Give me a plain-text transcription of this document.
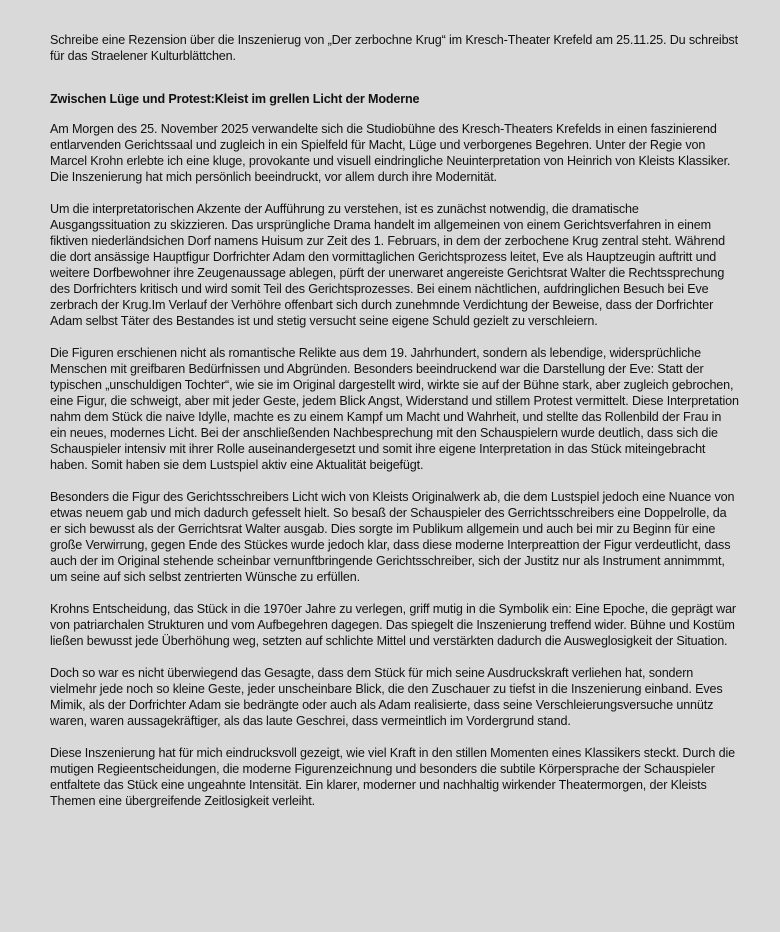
Schreibe eine Rezension über die Inszenierug von „Der zerbochne Krug“ im Kresch-Theater Krefeld am 25.11.25. Du schreibst für das Straelener Kulturblättchen.

Zwischen Lüge und Protest:Kleist im grellen Licht der Moderne

Am Morgen des 25. November 2025 verwandelte sich die Studiobühne des Kresch-Theaters Krefelds in einen faszinierend entlarvenden Gerichtssaal und zugleich in ein Spielfeld für Macht, Lüge und verborgenes Begehren. Unter der Regie von Marcel Krohn erlebte ich eine kluge, provokante und visuell eindringliche Neuinterpretation von Heinrich von Kleists Klassiker. Die Inszenierung hat mich persönlich beeindruckt, vor allem durch ihre Modernität.

Um die interpretatorischen Akzente der Aufführung zu verstehen, ist es zunächst notwendig, die dramatische Ausgangssituation zu skizzieren. Das ursprüngliche Drama handelt im allgemeinen von einem Gerichtsverfahren in einem fiktiven niederländsichen Dorf namens Huisum zur Zeit des 1. Februars, in dem der zerbochene Krug zentral steht. Während die dort ansässige Hauptfigur Dorfrichter Adam den vormittaglichen Gerichtsprozess leitet, Eve als Hauptzeugin auftritt und weitere Dorfbewohner ihre Zeugenaussage ablegen, pürft der unerwaret angereiste Gerichtsrat Walter die Rechtssprechung des Dorfrichters kritisch und wird somit Teil des Gerichtsprozesses. Bei einem nächtlichen, aufdringlichen Besuch bei Eve zerbrach der Krug.Im Verlauf der Verhöhre offenbart sich durch zunehmnde Verdichtung der Beweise, dass der Dorfrichter Adam selbst Täter des Bestandes ist und stetig versucht seine eigene Schuld gezielt zu verschleiern.

Die Figuren erschienen nicht als romantische Relikte aus dem 19. Jahrhundert, sondern als lebendige, widersprüchliche Menschen mit greifbaren Bedürfnissen und Abgründen. Besonders beeindruckend war die Darstellung der Eve: Statt der typischen „unschuldigen Tochter“, wie sie im Original dargestellt wird, wirkte sie auf der Bühne stark, aber zugleich gebrochen, eine Figur, die schweigt, aber mit jeder Geste, jedem Blick Angst, Widerstand und stillem Protest vermittelt. Diese Interpretation nahm dem Stück die naive Idylle, machte es zu einem Kampf um Macht und Wahrheit, und stellte das Rollenbild der Frau in ein neues, modernes Licht. Bei der anschließenden Nachbesprechung mit den Schauspielern wurde deutlich, dass sich die Schauspieler intensiv mit ihrer Rolle auseinandergesetzt und somit ihre eigene Interpretation in das Stück miteingebracht haben. Somit haben sie dem Lustspiel aktiv eine Aktualität beigefügt.

Besonders die Figur des Gerichtsschreibers Licht wich von Kleists Originalwerk ab, die dem Lustspiel jedoch eine Nuance von etwas neuem gab und mich dadurch gefesselt hielt. So besaß der Schauspieler des Gerrichtsschreibers eine Doppelrolle, da er sich bewusst als der Gerrichtsrat Walter ausgab. Dies sorgte im Publikum allgemein und auch bei mir zu Beginn für eine große Verwirrung, gegen Ende des Stückes wurde jedoch klar, dass diese moderne Interpreattion der Figur verdeutlicht, dass auch der im Original stehende scheinbar vernunftbringende Gerichtsschreiber, sich der Justitz nur als Instrument annimmmt, um seine auf sich selbst zentrierten Wünsche zu erfüllen.

Krohns Entscheidung, das Stück in die 1970er Jahre zu verlegen, griff mutig in die Symbolik ein: Eine Epoche, die geprägt war von patriarchalen Strukturen und vom Aufbegehren dagegen. Das spiegelt die Inszenierung treffend wider. Bühne und Kostüm ließen bewusst jede Überhöhung weg, setzten auf schlichte Mittel und verstärkten dadurch die Ausweglosigkeit der Situation.

Doch so war es nicht überwiegend das Gesagte, dass dem Stück für mich seine Ausdruckskraft verliehen hat, sondern vielmehr jede noch so kleine Geste, jeder unscheinbare Blick, die den Zuschauer zu tiefst in die Inszenierung einband. Eves Mimik, als der Dorfrichter Adam sie bedrängte oder auch als Adam realisierte, dass seine Verschleierungsversuche unnütz waren, waren aussagekräftiger, als das laute Geschrei, dass vermeintlich im Vordergrund stand.

Diese Inszenierung hat für mich eindrucksvoll gezeigt, wie viel Kraft in den stillen Momenten eines Klassikers steckt. Durch die mutigen Regieentscheidungen, die moderne Figurenzeichnung und besonders die subtile Körpersprache der Schauspieler entfaltete das Stück eine ungeahnte Intensität. Ein klarer, moderner und nachhaltig wirkender Theatermorgen, der Kleists Themen eine übergreifende Zeitlosigkeit verleiht.
